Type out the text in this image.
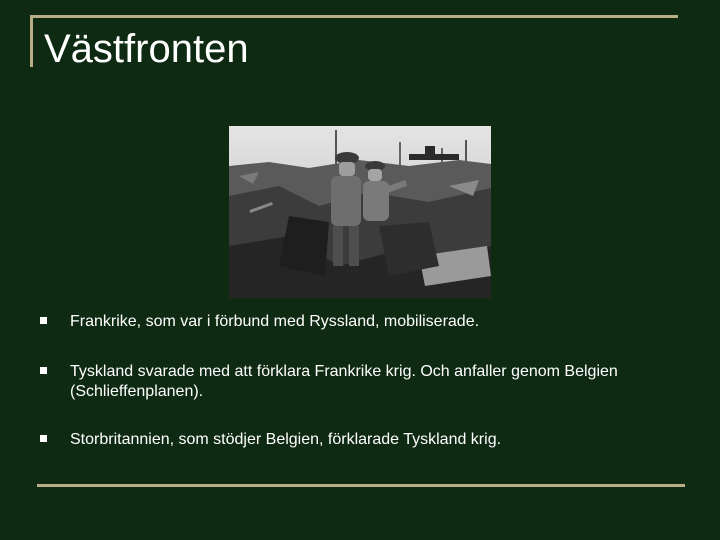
Västfronten
Frankrike, som var i förbund med Ryssland, mobiliserade.
Tyskland svarade med att förklara Frankrike krig. Och anfaller genom Belgien (Schlieffenplanen).
Storbritannien, som stödjer Belgien, förklarade Tyskland krig.
